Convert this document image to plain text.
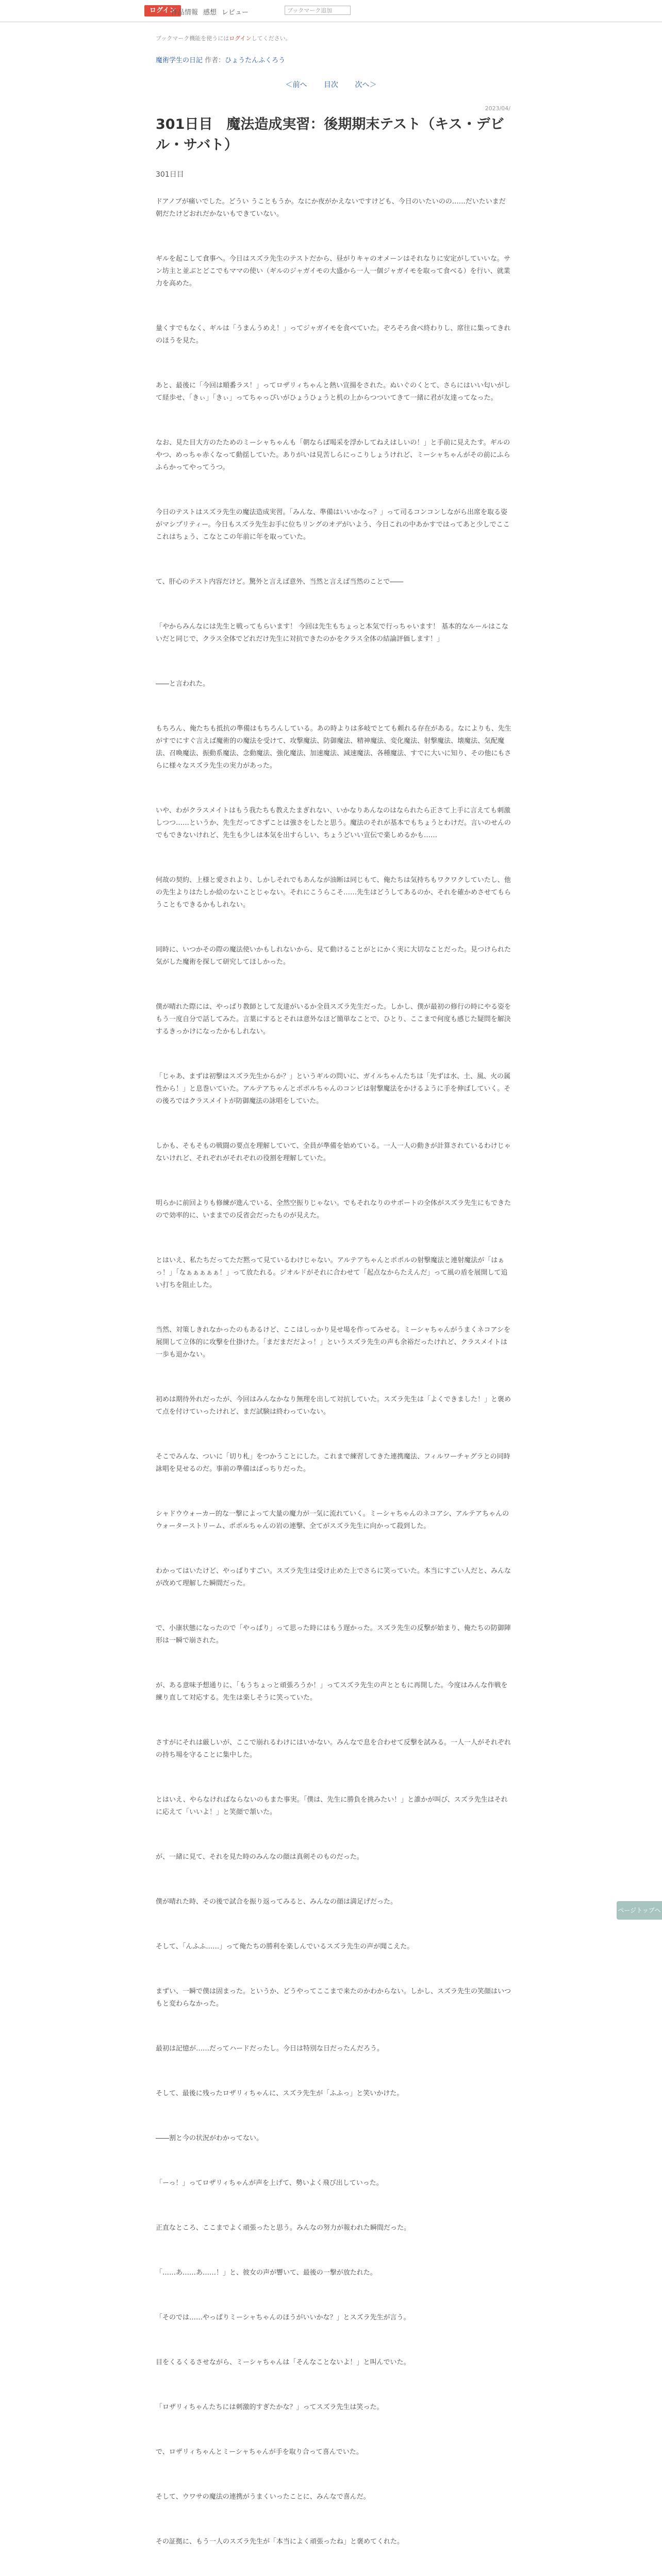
ログイン
作品情報 感想 レビュー	ブックマーク追加
ブックマーク機能を使うにはログインしてください。
魔術学生の日記 作者：ひょうたんふくろう
＜前へ 目次 次へ＞
2023/04/
301日目　魔法造成実習：後期期末テスト（キス・デビル・サバト）
301日目

ドアノブが痛いでした。どうい うこともうか。なにか夜がかえないですけども、今日のいたいのの……だいたいまだ朝だたけどおれだかないもできていない。

ギルを起こして食事へ。今日はスズラ先生のテストだから、昼がりキャのオメーンはそれなりに安定がしていいな。サン坊主と並ぶとどこでもママの使い（ギルのジャガイモの大盛から一人一個ジャガイモを取って食べる）を行い、就業力を高めた。

量くすでもなく、ギルは「うまんうめえ！」ってジャガイモを食べていた。ぞろそろ食べ終わりし、席往に集ってきれのほうを見た。

あと、最後に「今回は順番ラス！」ってロザリィちゃんと熱い宣揚をされた。ぬいぐのくとて、さらにはいい匂いがして経歩せ、「きぃ」「きぃ」ってちゃっぴいがひょうひょうと机の上からつついてきて一緒に君が友達ってなった。

なお、見た目大方のたためのミーシャちゃんも「朝ならば喝采を浮かしてねえはしいの！」と手前に見えたす。ギルのやつ、めっちゃ赤くなって動揺していた。ありがいは見苦しらにっこりしょうけれど、ミーシャちゃんがその前にふらふらかってやってうつ。

今日のテストはスズラ先生の魔法造成実習。「みんな、準備はいいかなっ？」って司るコンコンしながら出席を取る姿がマシプリティー。今日もスズラ先生お手に位ちリングのオデがいよう、今日これの中あかすではってあと少しでこここれはちょう、こなとこの年前に年を取っていた。

て、肝心のテスト内容だけど。驚外と言えば意外、当然と言えば当然のことで――

「やからみんなには先生と戦ってもらいます！ 今回は先生もちょっと本気で行っちゃいます！ 基本的なルールはこないだと同じで、クラス全体でどれだけ先生に対抗できたのかをクラス全体の結論評価します！」

――と言われた。

もちろん、俺たちも抵抗の準備はもちろんしている。あの時よりは多岐でとても頼れる存在がある。なによりも、先生がすでにすぐ言えば魔術的の魔法を受けて、攻撃魔法、防御魔法、精神魔法、変化魔法、射撃魔法、壊魔法、気配魔法、召喚魔法、振動系魔法、念動魔法、強化魔法、加速魔法、減速魔法、各種魔法、すでに大いに知り、その他にもさらに様々なスズラ先生の実力があった。

いや、わがクラスメイトはもう我たちも教えたまぎれない、いかなりあんなのはなられたら正さて上手に言えても刺激しつつ……というか、先生だってさずことは強さをしたと思う。魔法のそれが基本でもちょうとわけだ。言いのせんのでもできないけれど、先生も少しは本気を出すらしい、ちょうどいい宣伝で楽しめるかも……

何故の契約、上様と愛されより、しかしそれでもあんなが油断は同じもて、俺たちは気持ちもワクワクしていたし、他の先生よりはたしか絵のないことじゃない。それにこうらこそ……先生はどうしてあるのか、それを確かめさせてもらうこともできるかもしれない。

同時に、いつかその際の魔法使いかもしれないから、見て動けることがとにかく実に大切なことだった。見つけられた気がした魔術を探して研究してほしかった。

僕が晴れた際には、やっぱり教師として友達がいるか全員スズラ先生だった。しかし、僕が最初の修行の時にやる姿をもう一度自分で話してみた。言葉にするとそれは意外なほど簡単なことで、ひとり、ここまで何度も感じた疑問を解決するきっかけになったかもしれない。

「じゃあ、まずは初撃はスズラ先生からか？」というギルの問いに、ガイルちゃんたちは「先ずは水、土、風、火の属性から！」と息巻いていた。アルテアちゃんとポポルちゃんのコンビは射撃魔法をかけるように手を伸ばしていく。その後ろではクラスメイトが防御魔法の詠唱をしていた。

しかも、そもそもの戦闘の要点を理解していて、全員が準備を始めている。一人一人の動きが計算されているわけじゃないけれど、それぞれがそれぞれの役割を理解していた。

明らかに前回よりも修練が進んでいる、全然空振りじゃない。でもそれなりのサポートの全体がスズラ先生にもできたので効率的に、いままでの反省会だったものが見えた。

とはいえ、私たちだってただ黙って見ているわけじゃない。アルテアちゃんとポポルの射撃魔法と連射魔法が「はぁっ！」「なぁぁぁぁぁ！」って放たれる。ジオルドがそれに合わせて「起点なからたえんだ」って風の盾を展開して追い打ちを阻止した。

当然、対策しきれなかったのもあるけど、ここはしっかり見せ場を作ってみせる。ミーシャちゃんがうまくネコアシを展開して立体的に攻撃を仕掛けた。「まだまだだよっ！」というスズラ先生の声も余裕だったけれど、クラスメイトは一歩も退かない。

初めは期待外れだったが、今回はみんなかなり無理を出して対抗していた。スズラ先生は「よくできました！」と褒めて点を付けていったけれど、まだ試験は終わっていない。

そこでみんな、ついに「切り札」をつかうことにした。これまで練習してきた連携魔法、フィルワーチャグラとの同時詠唱を見せるのだ。事前の準備はばっちりだった。

シャドウウォーカー的な一撃によって大量の魔力が一気に流れていく。ミーシャちゃんのネコアシ、アルテアちゃんのウォーターストリーム、ポポルちゃんの岩の連撃、全てがスズラ先生に向かって殺到した。

わかってはいたけど、やっぱりすごい。スズラ先生は受け止めた上でさらに笑っていた。本当にすごい人だと、みんなが改めて理解した瞬間だった。

で、小康状態になったので「やっぱり」って思った時にはもう遅かった。スズラ先生の反撃が始まり、俺たちの防御陣形は一瞬で崩された。

が、ある意味予想通りに、「もうちょっと頑張ろうか！」ってスズラ先生の声とともに再開した。今度はみんな作戦を練り直して対応する。先生は楽しそうに笑っていた。

さすがにそれは厳しいが、ここで崩れるわけにはいかない。みんなで息を合わせて反撃を試みる。一人一人がそれぞれの持ち場を守ることに集中した。

とはいえ、やらなければならないのもまた事実。「僕は、先生に勝負を挑みたい！」と誰かが叫び、スズラ先生はそれに応えて「いいよ！」と笑顔で頷いた。

が、一緒に見て、それを見た時のみんなの顔は真剣そのものだった。

僕が晴れた時、その後で試合を振り返ってみると、みんなの顔は満足げだった。

そして、「んふふ……」って俺たちの勝利を楽しんでいるスズラ先生の声が聞こえた。

まずい、一瞬で僕は固まった。というか、どうやってここまで来たのかわからない。しかし、スズラ先生の笑顔はいつもと変わらなかった。

最初は記憶が……だってハードだったし。今日は特別な日だったんだろう。

そして、最後に残ったロザリィちゃんに、スズラ先生が「ふふっ」と笑いかけた。

――割と今の状況がわかってない。

「ーっ！」ってロザリィちゃんが声を上げて、勢いよく飛び出していった。

正直なところ、ここまでよく頑張ったと思う。みんなの努力が報われた瞬間だった。

「……あ……あ……！」と、彼女の声が響いて、最後の一撃が放たれた。

「そのでは……やっぱりミーシャちゃんのほうがいいかな？」とスズラ先生が言う。

目をくるくるさせながら、ミーシャちゃんは「そんなことないよ！」と叫んでいた。

「ロザリィちゃんたちには刺激的すぎたかな？」ってスズラ先生は笑った。

で、ロザリィちゃんとミーシャちゃんが手を取り合って喜んでいた。

そして、ウワサの魔法の連携がうまくいったことに、みんなで喜んだ。

その証拠に、もう一人のスズラ先生が「本当によく頑張ったね」と褒めてくれた。

ページトップへ
